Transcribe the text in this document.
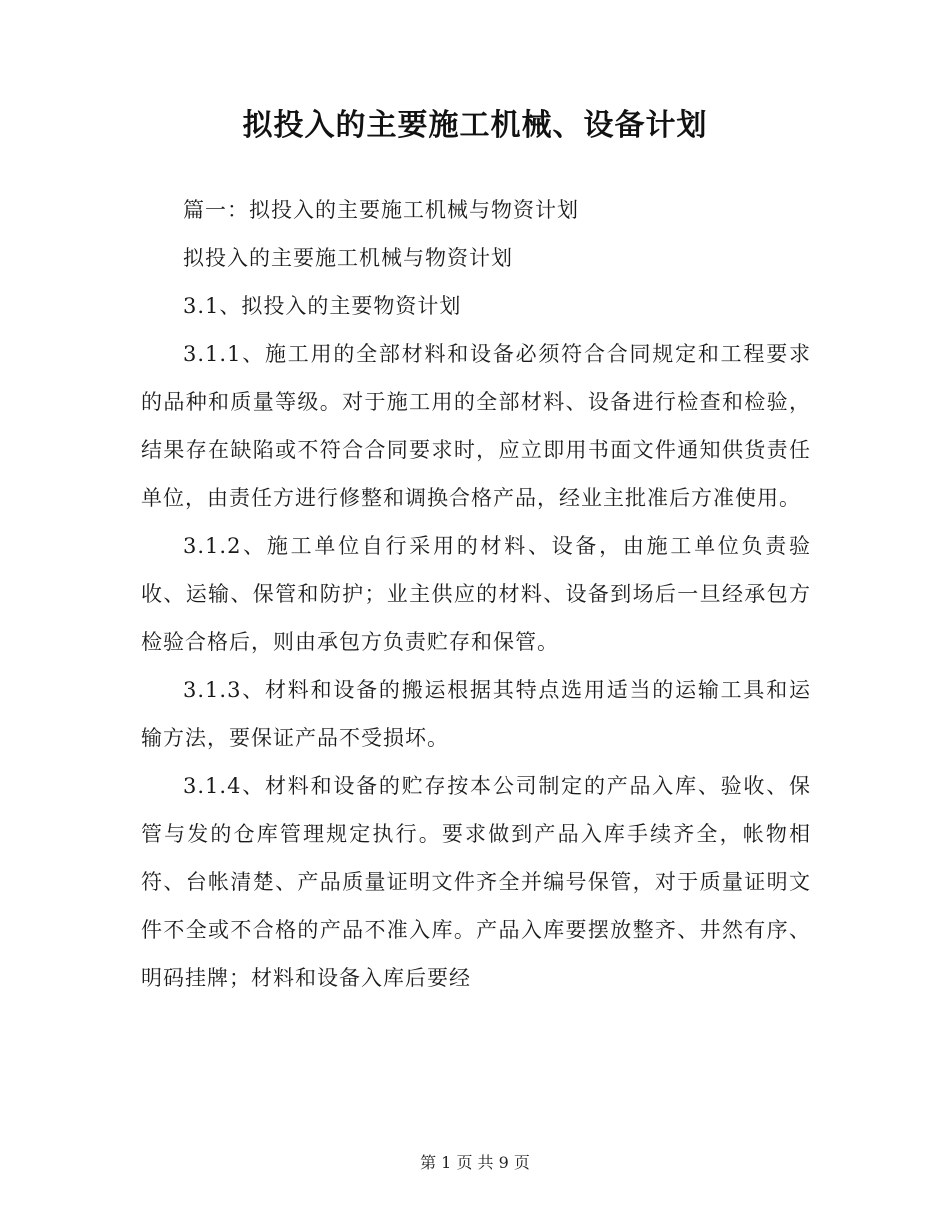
拟投入的主要施工机械、设备计划

篇一：拟投入的主要施工机械与物资计划

拟投入的主要施工机械与物资计划

3.1、拟投入的主要物资计划

3.1.1、施工用的全部材料和设备必须符合合同规定和工程要求的品种和质量等级。对于施工用的全部材料、设备进行检查和检验，结果存在缺陷或不符合合同要求时，应立即用书面文件通知供货责任单位，由责任方进行修整和调换合格产品，经业主批准后方准使用。

3.1.2、施工单位自行采用的材料、设备，由施工单位负责验收、运输、保管和防护；业主供应的材料、设备到场后一旦经承包方检验合格后，则由承包方负责贮存和保管。

3.1.3、材料和设备的搬运根据其特点选用适当的运输工具和运输方法，要保证产品不受损坏。

3.1.4、材料和设备的贮存按本公司制定的产品入库、验收、保管与发的仓库管理规定执行。要求做到产品入库手续齐全，帐物相符、台帐清楚、产品质量证明文件齐全并编号保管，对于质量证明文件不全或不合格的产品不准入库。产品入库要摆放整齐、井然有序、明码挂牌；材料和设备入库后要经

第 1 页 共 9 页
